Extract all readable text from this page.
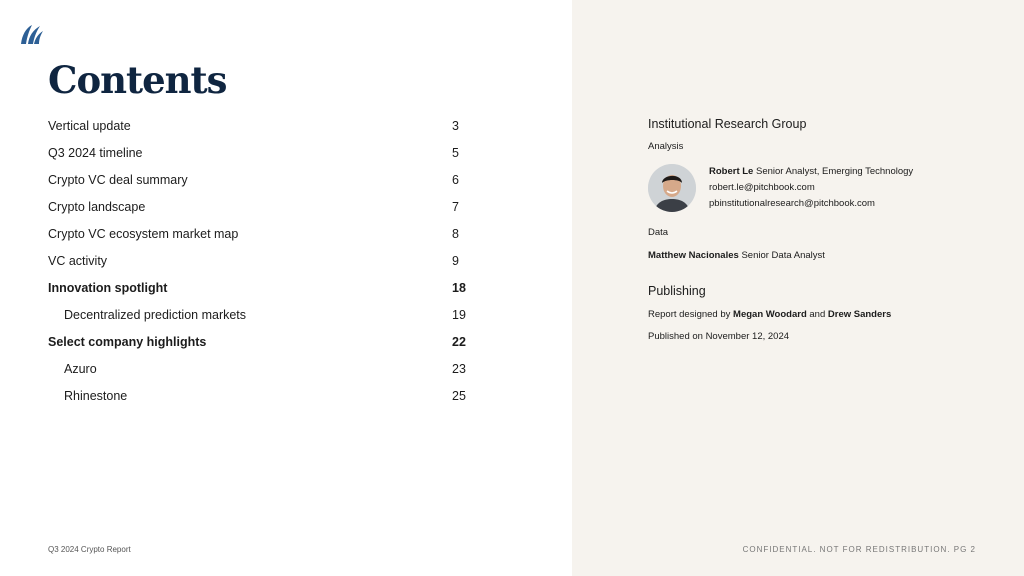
Contents
Vertical update	3
Q3 2024 timeline	5
Crypto VC deal summary	6
Crypto landscape	7
Crypto VC ecosystem market map	8
VC activity	9
Innovation spotlight	18
Decentralized prediction markets	19
Select company highlights	22
Azuro	23
Rhinestone	25
Institutional Research Group
Analysis
Robert Le Senior Analyst, Emerging Technology
robert.le@pitchbook.com
pbinstitutionalresearch@pitchbook.com
Data
Matthew Nacionales Senior Data Analyst
Publishing
Report designed by Megan Woodard and Drew Sanders
Published on November 12, 2024
Q3 2024 Crypto Report	CONFIDENTIAL. NOT FOR REDISTRIBUTION. PG 2
